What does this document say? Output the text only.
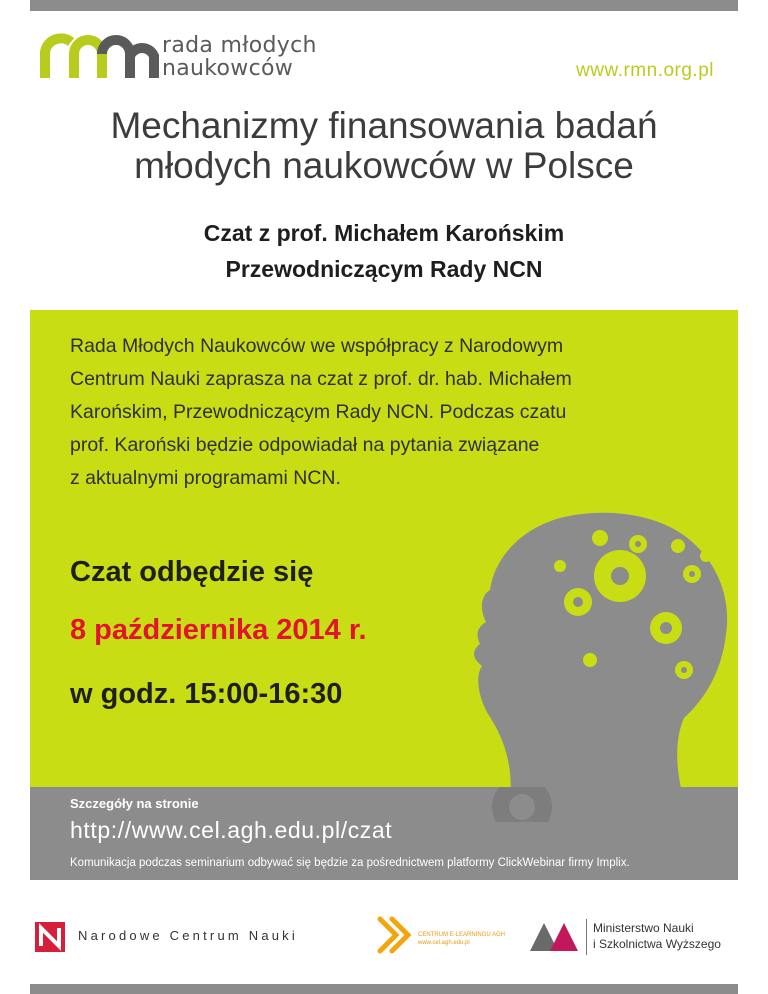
rada młodych
naukowców	www.rmn.org.pl
Mechanizmy finansowania badań
młodych naukowców w Polsce
Czat z prof. Michałem Karońskim
Przewodniczącym Rady NCN
Rada Młodych Naukowców we współpracy z Narodowym
Centrum Nauki zaprasza na czat z prof. dr. hab. Michałem
Karońskim, Przewodniczącym Rady NCN. Podczas czatu
prof. Karoński będzie odpowiadał na pytania związane
z aktualnymi programami NCN.
Czat odbędzie się
8 października 2014 r.
w godz. 15:00-16:30
Szczegóły na stronie
http://www.cel.agh.edu.pl/czat
Komunikacja podczas seminarium odbywać się będzie za pośrednictwem platformy ClickWebinar firmy Implix.
Narodowe Centrum Nauki	CENTRUM E-LEARNINGU AGH
www.cel.agh.edu.pl
Ministerstwo Nauki
i Szkolnictwa Wyższego
